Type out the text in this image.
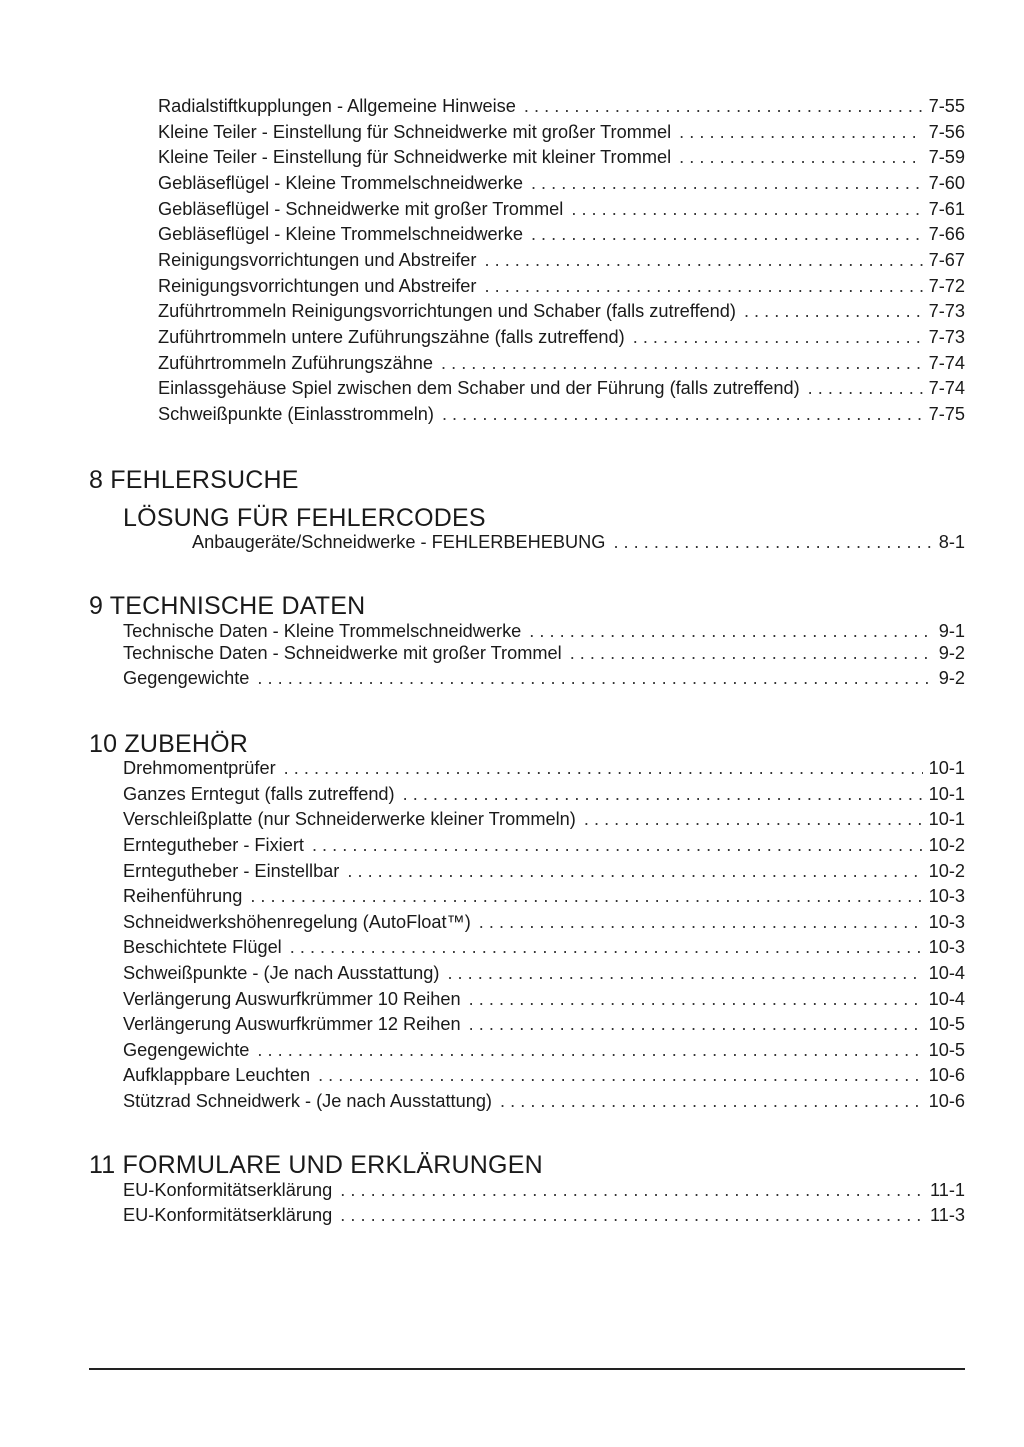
Radialstiftkupplungen - Allgemeine Hinweise . . .	7-55
Kleine Teiler - Einstellung für Schneidwerke mit großer Trommel . . .	7-56
Kleine Teiler - Einstellung für Schneidwerke mit kleiner Trommel . . .	7-59
Gebläseflügel - Kleine Trommelschneidwerke . . .	7-60
Gebläseflügel - Schneidwerke mit großer Trommel . . .	7-61
Gebläseflügel - Kleine Trommelschneidwerke . . .	7-66
Reinigungsvorrichtungen und Abstreifer . . .	7-67
Reinigungsvorrichtungen und Abstreifer . . .	7-72
Zuführtrommeln Reinigungsvorrichtungen und Schaber (falls zutreffend) . . .	7-73
Zuführtrommeln untere Zuführungszähne (falls zutreffend) . . .	7-73
Zuführtrommeln Zuführungszähne . . .	7-74
Einlassgehäuse Spiel zwischen dem Schaber und der Führung (falls zutreffend) . . .	7-74
Schweißpunkte (Einlasstrommeln) . . .	7-75
8 FEHLERSUCHE
LÖSUNG FÜR FEHLERCODES
Anbaugeräte/Schneidwerke - FEHLERBEHEBUNG . . .	8-1
9 TECHNISCHE DATEN
Technische Daten - Kleine Trommelschneidwerke . . .	9-1
Technische Daten - Schneidwerke mit großer Trommel . . .	9-2
Gegengewichte . . .	9-2
10 ZUBEHÖR
Drehmomentprüfer . . .	10-1
Ganzes Erntegut (falls zutreffend) . . .	10-1
Verschleißplatte (nur Schneiderwerke kleiner Trommeln) . . .	10-1
Erntegutheber - Fixiert . . .	10-2
Erntegutheber - Einstellbar . . .	10-2
Reihenführung . . .	10-3
Schneidwerkshöhenregelung (AutoFloat™) . . .	10-3
Beschichtete Flügel . . .	10-3
Schweißpunkte - (Je nach Ausstattung) . . .	10-4
Verlängerung Auswurfkrümmer 10 Reihen . . .	10-4
Verlängerung Auswurfkrümmer 12 Reihen . . .	10-5
Gegengewichte . . .	10-5
Aufklappbare Leuchten . . .	10-6
Stützrad Schneidwerk - (Je nach Ausstattung) . . .	10-6
11 FORMULARE UND ERKLÄRUNGEN
EU-Konformitätserklärung . . .	11-1
EU-Konformitätserklärung . . .	11-3
